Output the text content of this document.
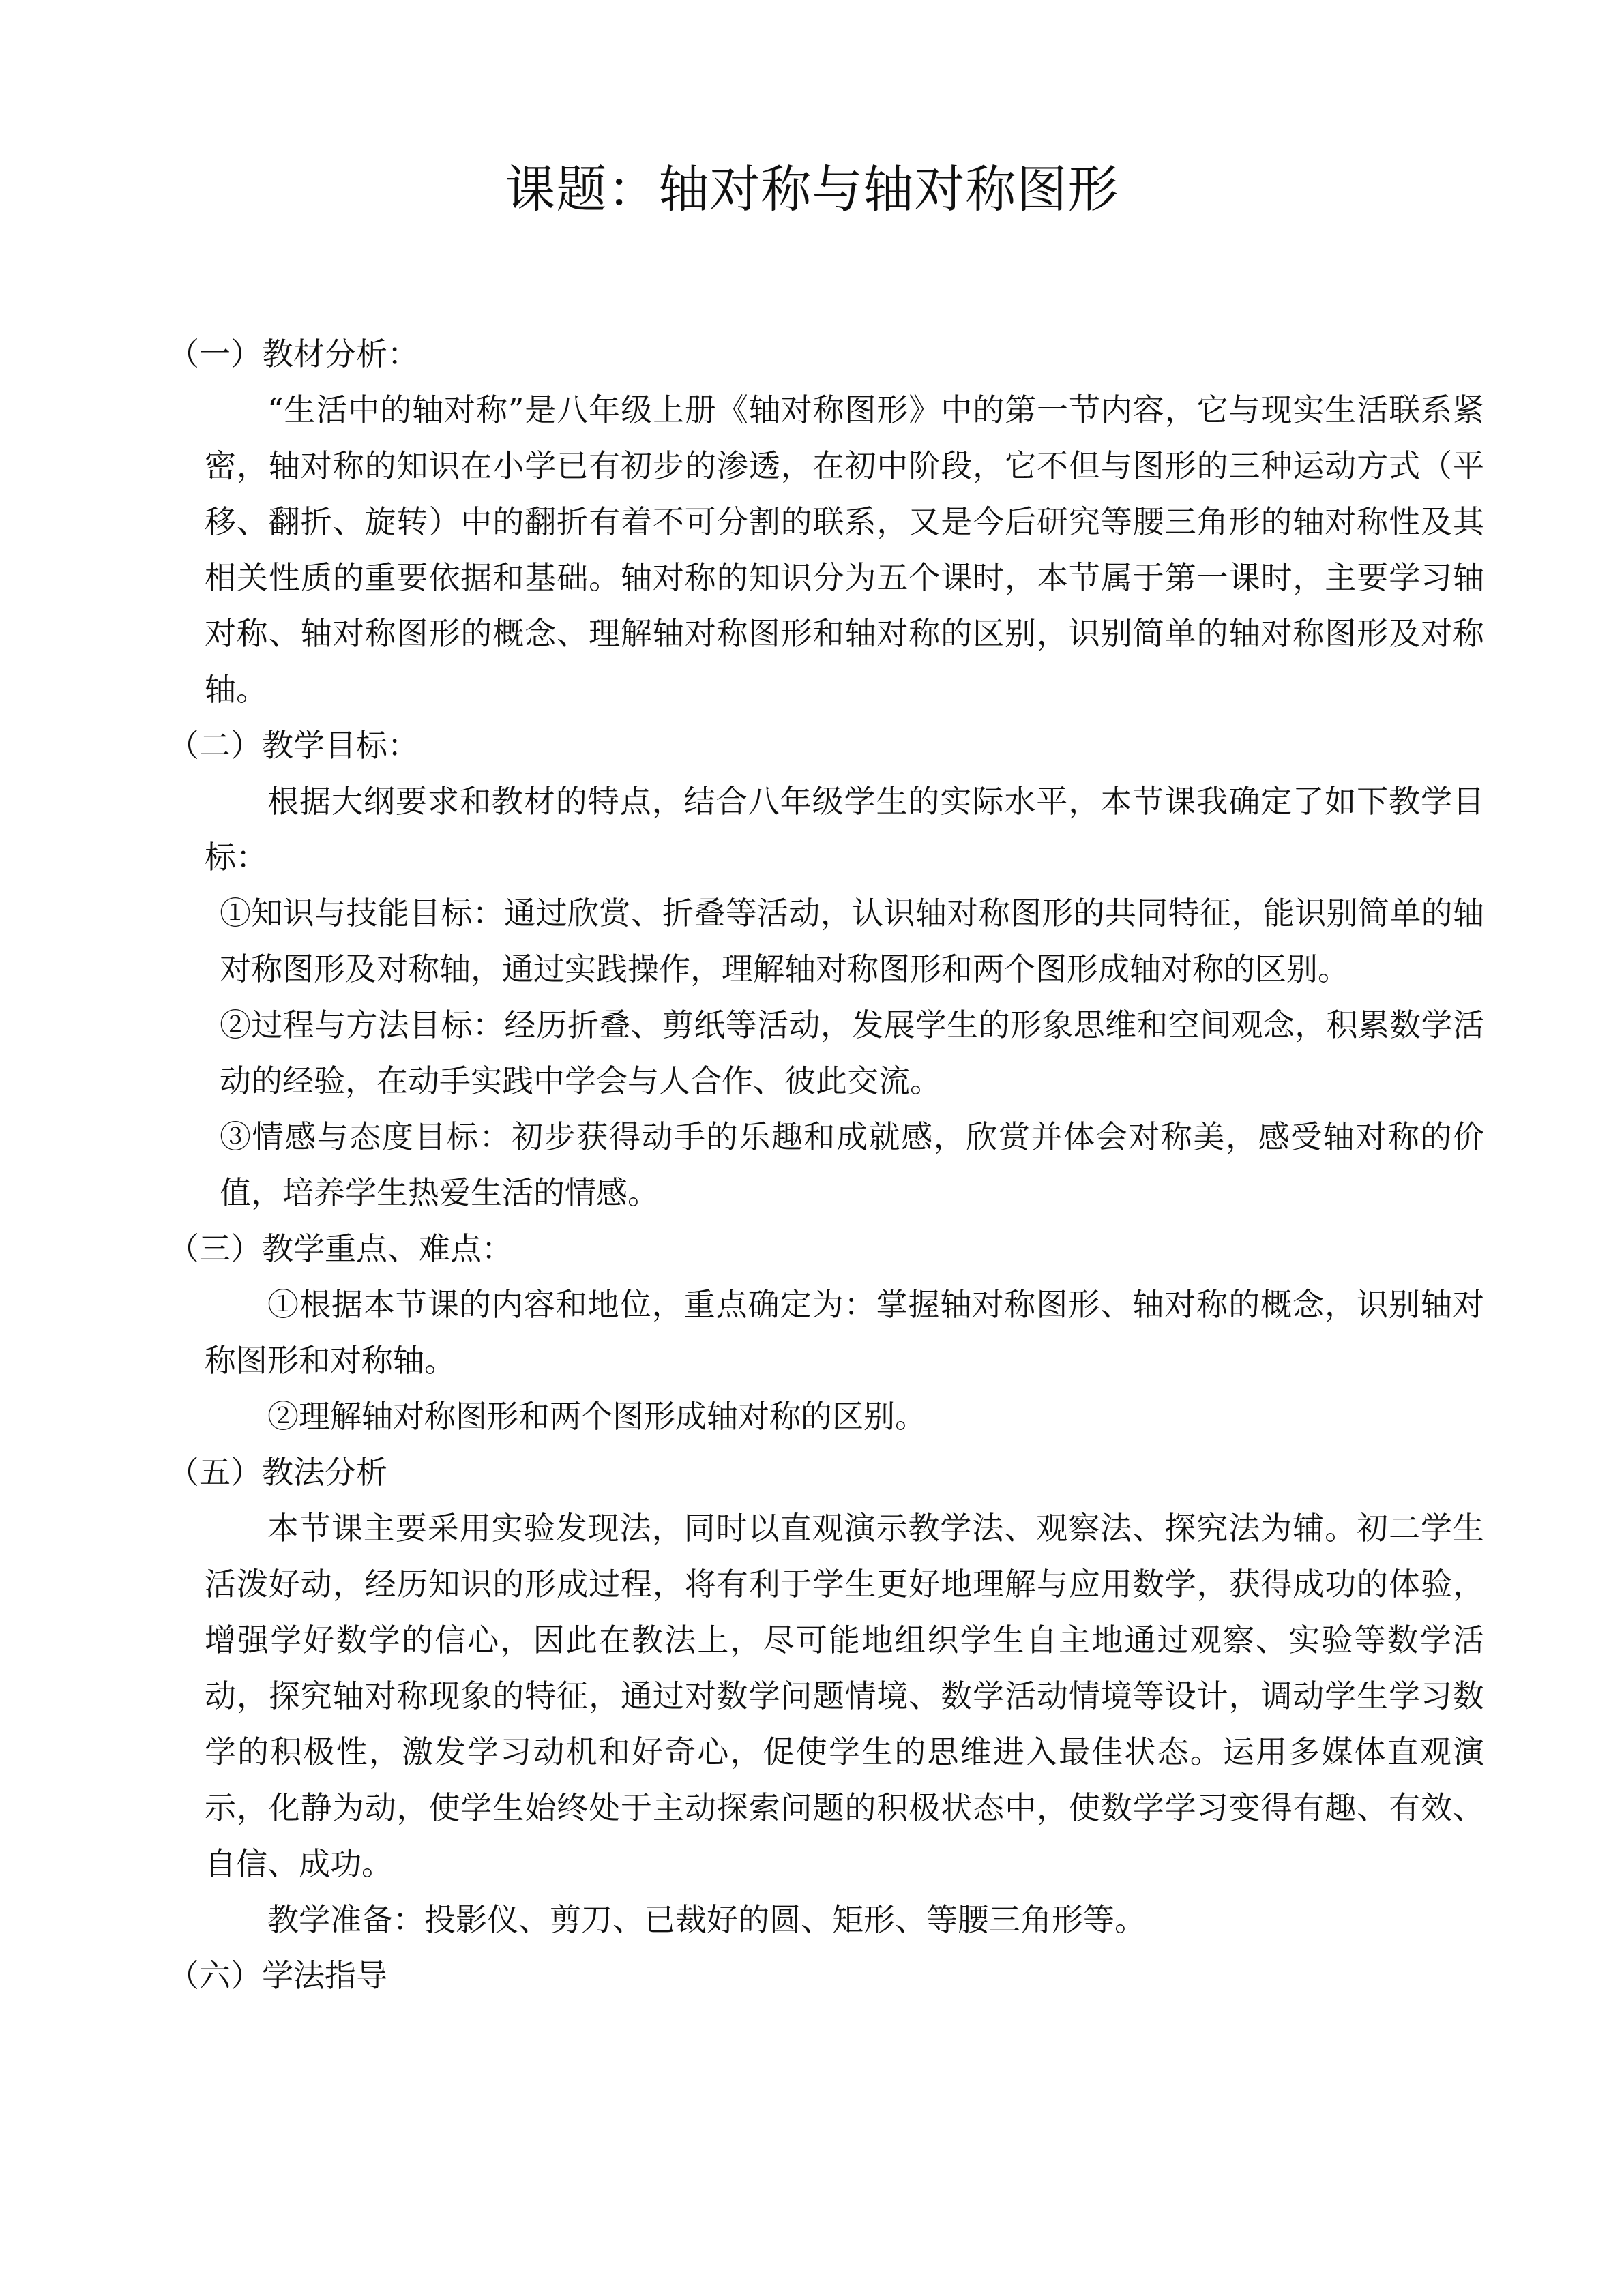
课题：轴对称与轴对称图形
（一）教材分析：

“生活中的轴对称”是八年级上册《轴对称图形》中的第一节内容，它与现实生活联系紧密，轴对称的知识在小学已有初步的渗透，在初中阶段，它不但与图形的三种运动方式（平移、翻折、旋转）中的翻折有着不可分割的联系，又是今后研究等腰三角形的轴对称性及其相关性质的重要依据和基础。轴对称的知识分为五个课时，本节属于第一课时，主要学习轴对称、轴对称图形的概念、理解轴对称图形和轴对称的区别，识别简单的轴对称图形及对称轴。

（二）教学目标：

根据大纲要求和教材的特点，结合八年级学生的实际水平，本节课我确定了如下教学目标：

①知识与技能目标：通过欣赏、折叠等活动，认识轴对称图形的共同特征，能识别简单的轴对称图形及对称轴，通过实践操作，理解轴对称图形和两个图形成轴对称的区别。

②过程与方法目标：经历折叠、剪纸等活动，发展学生的形象思维和空间观念，积累数学活动的经验，在动手实践中学会与人合作、彼此交流。

③情感与态度目标：初步获得动手的乐趣和成就感，欣赏并体会对称美，感受轴对称的价值，培养学生热爱生活的情感。

（三）教学重点、难点：

①根据本节课的内容和地位，重点确定为：掌握轴对称图形、轴对称的概念，识别轴对称图形和对称轴。

②理解轴对称图形和两个图形成轴对称的区别。

（五）教法分析

本节课主要采用实验发现法，同时以直观演示教学法、观察法、探究法为辅。初二学生活泼好动，经历知识的形成过程，将有利于学生更好地理解与应用数学，获得成功的体验，增强学好数学的信心，因此在教法上，尽可能地组织学生自主地通过观察、实验等数学活动，探究轴对称现象的特征，通过对数学问题情境、数学活动情境等设计，调动学生学习数学的积极性，激发学习动机和好奇心，促使学生的思维进入最佳状态。运用多媒体直观演示，化静为动，使学生始终处于主动探索问题的积极状态中，使数学学习变得有趣、有效、自信、成功。

教学准备：投影仪、剪刀、已裁好的圆、矩形、等腰三角形等。

（六）学法指导
